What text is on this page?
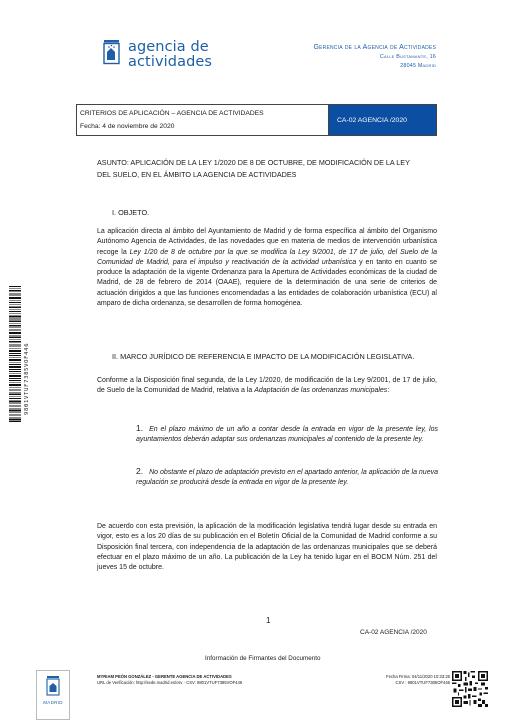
agencia de
actividades
Gerencia de la Agencia de Actividades
Calle Bustamante, 16
28045 Madrid
CRITERIOS DE APLICACIÓN – AGENCIA DE ACTIVIDADES
Fecha: 4 de noviembre de 2020
CA-02 AGENCIA /2020
ASUNTO: APLICACIÓN DE LA LEY 1/2020 DE 8 DE OCTUBRE, DE MODIFICACIÓN DE LA LEY
DEL SUELO, EN EL ÁMBITO LA AGENCIA DE ACTIVIDADES
I. OBJETO.
La aplicación directa al ámbito del Ayuntamiento de Madrid y de forma específica al ámbito del Organismo Autónomo Agencia de Actividades, de las novedades que en materia de medios de intervención urbanística recoge la Ley 1/20 de 8 de octubre por la que se modifica la Ley 9/2001, de 17 de julio, del Suelo de la Comunidad de Madrid, para el impulso y reactivación de la actividad urbanística y en tanto en cuanto se produce la adaptación de la vigente Ordenanza para la Apertura de Actividades económicas de la ciudad de Madrid, de 28 de febrero de 2014 (OAAE), requiere de la determinación de una serie de criterios de actuación dirigidos a que las funciones encomendadas a las entidades de colaboración urbanística (ECU) al amparo de dicha ordenanza, se desarrollen de forma homogénea.
II. MARCO JURÍDICO DE REFERENCIA E IMPACTO DE LA MODIFICACIÓN LEGISLATIVA.
Conforme a la Disposición final segunda, de la Ley 1/2020, de modificación de la Ley 9/2001, de 17 de julio, de Suelo de la Comunidad de Madrid, relativa a la Adaptación de las ordenanzas municipales:
1. En el plazo máximo de un año a contar desde la entrada en vigor de la presente ley, los ayuntamientos deberán adaptar sus ordenanzas municipales al contenido de la presente ley.
2. No obstante el plazo de adaptación previsto en el apartado anterior, la aplicación de la nueva regulación se producirá desde la entrada en vigor de la presente ley.
De acuerdo con esta previsión, la aplicación de la modificación legislativa tendrá lugar desde su entrada en vigor, esto es a los 20 días de su publicación en el Boletín Oficial de la Comunidad de Madrid conforme a su Disposición final tercera, con independencia de la adaptación de las ordenanzas municipales que se deberá efectuar en el plazo máximo de un año. La publicación de la Ley ha tenido lugar en el BOCM Núm. 251 del jueves 15 de octubre.
1
CA-02 AGENCIA /2020
Información de Firmantes del Documento
MADRID
MYRIAM PEÓN GONZÁLEZ - GERENTE AGENCIA DE ACTIVIDADES
URL de Verificación: http://sede.madrid.es/csv · CSV: 9801VTUF7385VOF446
Fecha Firma: 04/11/2020 10:33:26
CSV : 9801VTUF7385OF446
9801VTUF7385VOF446
